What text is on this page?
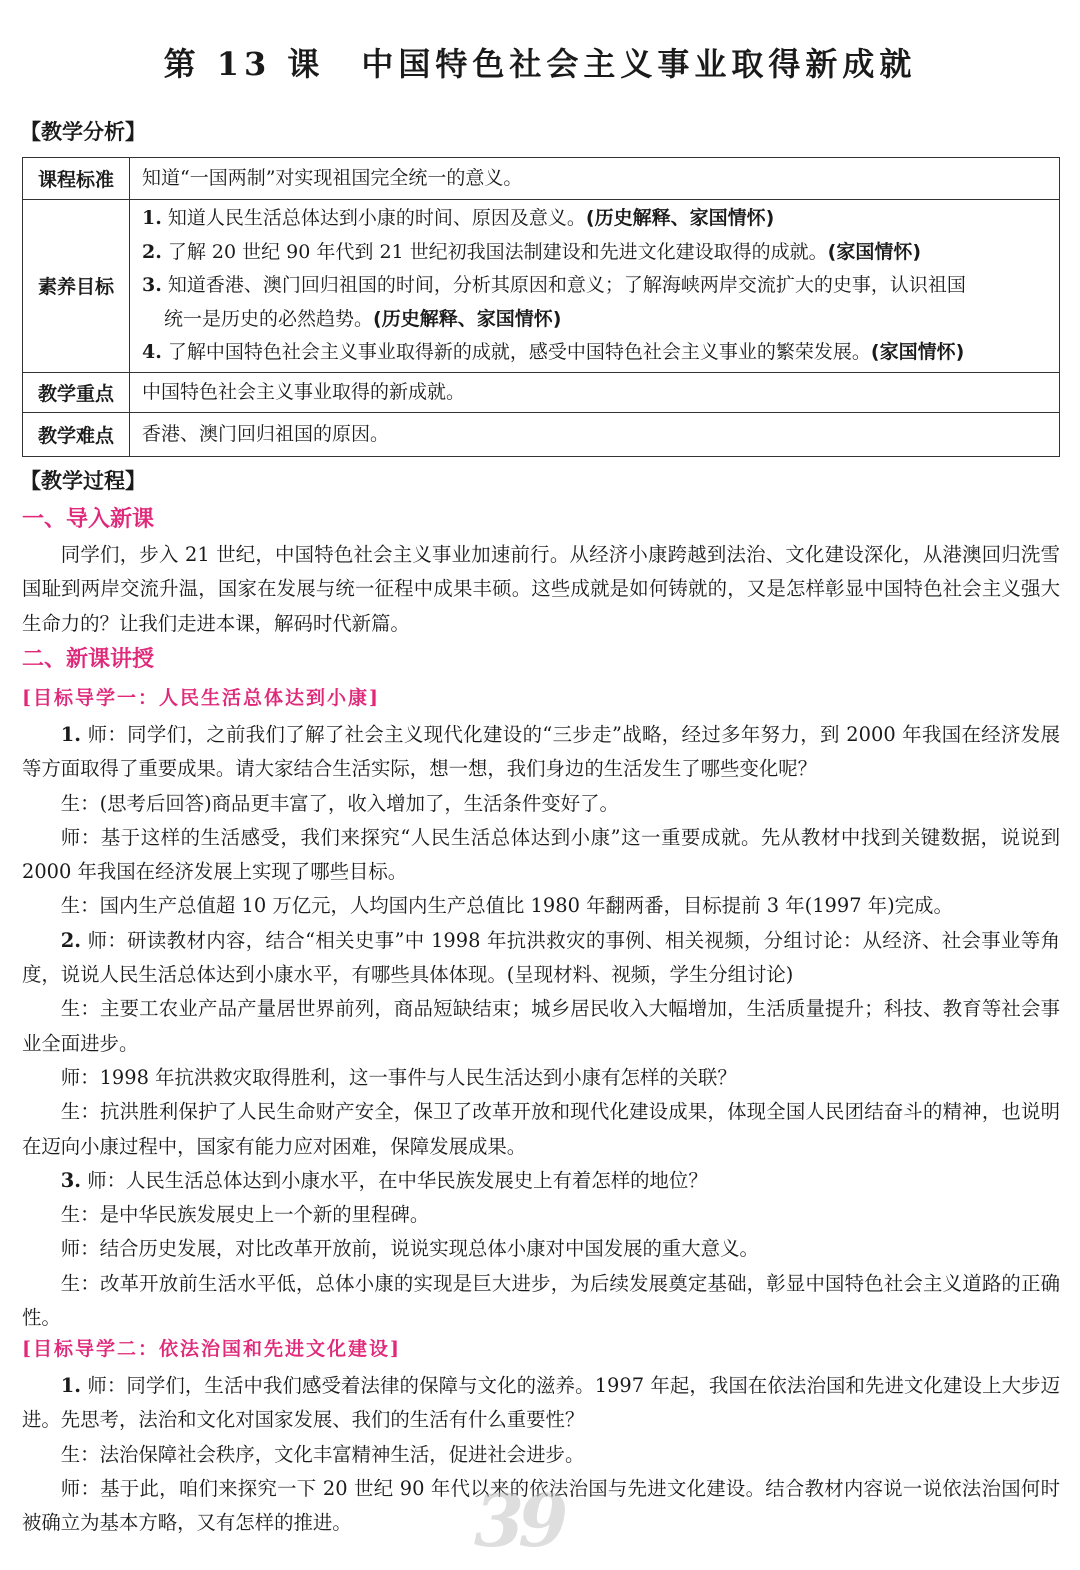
第 13 课　中国特色社会主义事业取得新成就
【教学分析】
课程标准	知道“一国两制”对实现祖国完全统一的意义。
素养目标	1. 知道人民生活总体达到小康的时间、原因及意义。(历史解释、家国情怀)
2. 了解 20 世纪 90 年代到 21 世纪初我国法制建设和先进文化建设取得的成就。(家国情怀)
3. 知道香港、澳门回归祖国的时间，分析其原因和意义；了解海峡两岸交流扩大的史事，认识祖国
统一是历史的必然趋势。(历史解释、家国情怀)
4. 了解中国特色社会主义事业取得新的成就，感受中国特色社会主义事业的繁荣发展。(家国情怀)

教学重点	中国特色社会主义事业取得的新成就。
教学难点	香港、澳门回归祖国的原因。
【教学过程】
一、导入新课

同学们，步入 21 世纪，中国特色社会主义事业加速前行。从经济小康跨越到法治、文化建设深化，从港澳回归洗雪国耻到两岸交流升温，国家在发展与统一征程中成果丰硕。这些成就是如何铸就的，又是怎样彰显中国特色社会主义强大生命力的？让我们走进本课，解码时代新篇。

二、新课讲授
[目标导学一：人民生活总体达到小康]

1. 师：同学们，之前我们了解了社会主义现代化建设的“三步走”战略，经过多年努力，到 2000 年我国在经济发展等方面取得了重要成果。请大家结合生活实际，想一想，我们身边的生活发生了哪些变化呢？

生：(思考后回答)商品更丰富了，收入增加了，生活条件变好了。

师：基于这样的生活感受，我们来探究“人民生活总体达到小康”这一重要成就。先从教材中找到关键数据，说说到 2000 年我国在经济发展上实现了哪些目标。

生：国内生产总值超 10 万亿元，人均国内生产总值比 1980 年翻两番，目标提前 3 年(1997 年)完成。

2. 师：研读教材内容，结合“相关史事”中 1998 年抗洪救灾的事例、相关视频，分组讨论：从经济、社会事业等角度，说说人民生活总体达到小康水平，有哪些具体体现。(呈现材料、视频，学生分组讨论)

生：主要工农业产品产量居世界前列，商品短缺结束；城乡居民收入大幅增加，生活质量提升；科技、教育等社会事业全面进步。

师：1998 年抗洪救灾取得胜利，这一事件与人民生活达到小康有怎样的关联？

生：抗洪胜利保护了人民生命财产安全，保卫了改革开放和现代化建设成果，体现全国人民团结奋斗的精神，也说明在迈向小康过程中，国家有能力应对困难，保障发展成果。

3. 师：人民生活总体达到小康水平，在中华民族发展史上有着怎样的地位？

生：是中华民族发展史上一个新的里程碑。

师：结合历史发展，对比改革开放前，说说实现总体小康对中国发展的重大意义。

生：改革开放前生活水平低，总体小康的实现是巨大进步，为后续发展奠定基础，彰显中国特色社会主义道路的正确性。

[目标导学二：依法治国和先进文化建设]

1. 师：同学们，生活中我们感受着法律的保障与文化的滋养。1997 年起，我国在依法治国和先进文化建设上大步迈进。先思考，法治和文化对国家发展、我们的生活有什么重要性？

生：法治保障社会秩序，文化丰富精神生活，促进社会进步。

师：基于此，咱们来探究一下 20 世纪 90 年代以来的依法治国与先进文化建设。结合教材内容说一说依法治国何时被确立为基本方略，又有怎样的推进。	39
